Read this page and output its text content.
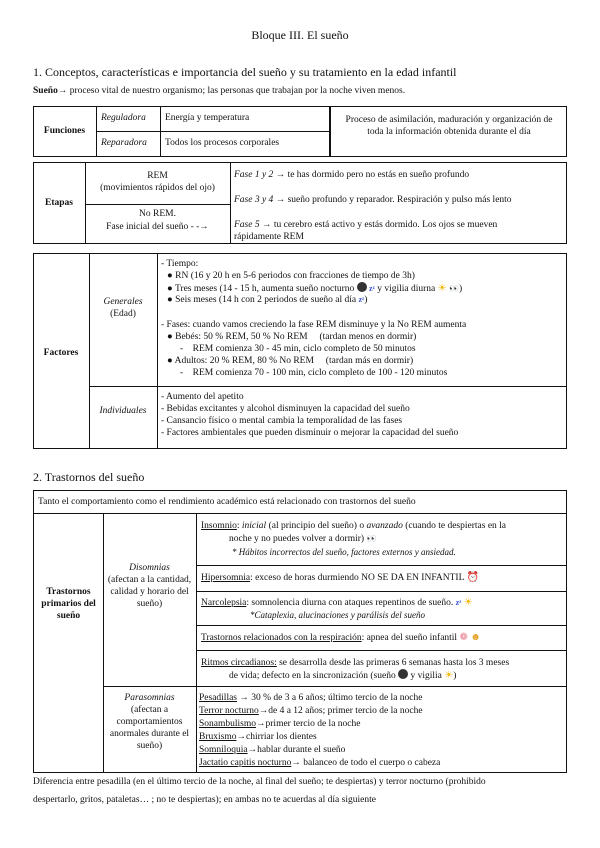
Bloque III. El sueño
1. Conceptos, características e importancia del sueño y su tratamiento en la edad infantil
Sueño→ proceso vital de nuestro organismo; las personas que trabajan por la noche viven menos.
Funciones
Reguladora Energía y temperatura
Reparadora Todos los procesos corporales
Proceso de asimilación, maduración y organización de toda la información obtenida durante el día
Etapas
REM
(movimientos rápidos del ojo)
No REM.
Fase inicial del sueño - -→
Fase 1 y 2 → te has dormido pero no estás en sueño profundo
Fase 3 y 4 → sueño profundo y reparador. Respiración y pulso más lento
Fase 5 → tu cerebro está activo y estás dormido. Los ojos se mueven
rápidamente REM
Factores
Generales
(Edad)
- Tiempo:
● RN (16 y 20 h en 5-6 periodos con fracciones de tiempo de 3h)
● Tres meses (14 - 15 h, aumenta sueño nocturno zᶻ y vigilia diurna ☀ 👀)
● Seis meses (14 h con 2 periodos de sueño al día zᶻ)
- Fases: cuando vamos creciendo la fase REM disminuye y la No REM aumenta
● Bebés: 50 % REM, 50 % No REM     (tardan menos en dormir)
-    REM comienza 30 - 45 min, ciclo completo de 50 minutos
● Adultos: 20 % REM, 80 % No REM     (tardan más en dormir)
-    REM comienza 70 - 100 min, ciclo completo de 100 - 120 minutos
Individuales
- Aumento del apetito
- Bebidas excitantes y alcohol disminuyen la capacidad del sueño
- Cansancio físico o mental cambia la temporalidad de las fases
- Factores ambientales que pueden disminuir o mejorar la capacidad del sueño
2. Trastornos del sueño
Tanto el comportamiento como el rendimiento académico está relacionado con trastornos del sueño
Trastornos primarios del sueño
Disomnias
(afectan a la cantidad, calidad y horario del sueño)
Insomnio: inicial (al principio del sueño) o avanzado (cuando te despiertas en la
noche y no puedes volver a dormir) 👀
* Hábitos incorrectos del sueño, factores externos y ansiedad.
Hipersomnia: exceso de horas durmiendo NO SE DA EN INFANTIL ⏰
Narcolepsia: somnolencia diurna con ataques repentinos de sueño. zᶻ ☀
*Cataplexia, alucinaciones y parálisis del sueño
Trastornos relacionados con la respiración: apnea del sueño infantil ❁ ☻
Ritmos circadianos: se desarrolla desde las primeras 6 semanas hasta los 3 meses
de vida; defecto en la sincronización (sueño y vigilia ☀)
Parasomnias
(afectan a comportamientos anormales durante el sueño)
Pesadillas → 30 % de 3 a 6 años; último tercio de la noche
Terror nocturno→de 4 a 12 años; primer tercio de la noche
Sonambulismo→primer tercio de la noche
Bruxismo→chirriar los dientes
Somniloquia→hablar durante el sueño
Jactatio capitis nocturno→ balanceo de todo el cuerpo o cabeza
Diferencia entre pesadilla (en el último tercio de la noche, al final del sueño; te despiertas) y terror nocturno (prohibido
despertarlo, gritos, pataletas… ; no te despiertas); en ambas no te acuerdas al día siguiente
